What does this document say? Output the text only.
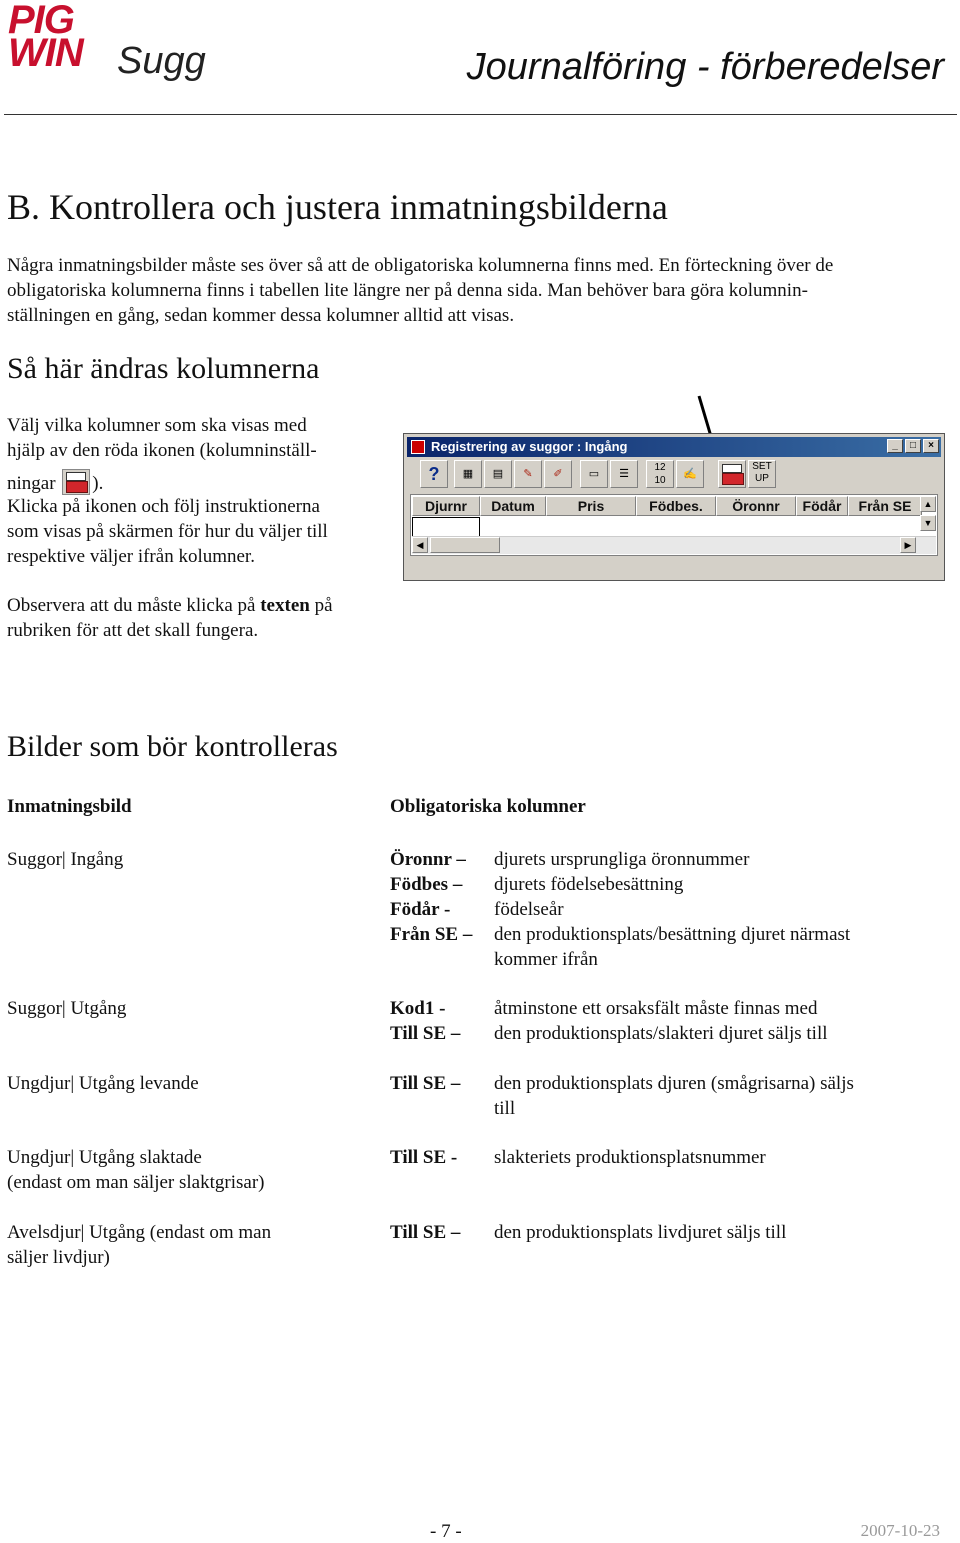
PIG
WIN Sugg	Journalföring - förberedelser
B. Kontrollera och justera inmatningsbilderna
Några inmatningsbilder måste ses över så att de obligatoriska kolumnerna finns med. En förteckning över de
obligatoriska kolumnerna finns i tabellen lite längre ner på denna sida. Man behöver bara göra kolumnin-
ställningen en gång, sedan kommer dessa kolumner alltid att visas.
Så här ändras kolumnerna
Välj vilka kolumner som ska visas med
hjälp av den röda ikonen (kolumninställ-
ningar ).
Klicka på ikonen och följ instruktionerna
som visas på skärmen för hur du väljer till
respektive väljer ifrån kolumner.
Observera att du måste klicka på texten på
rubriken för att det skall fungera.
Registrering av suggor : Ingång	_	□	×
?	▦	▤	✎	✐	▭	☰
12
10
✍
SET
UP
Djurnr	Datum	Pris	Födbes.	Öronnr	Födår	Från SE	▲
▼
◀	▶
Bilder som bör kontrolleras
Inmatningsbild	Obligatoriska kolumner
Suggor| Ingång	Öronnr – djurets ursprungliga öronnummer
Födbes – djurets födelsebesättning
Födår - födelseår
Från SE – den produktionsplats/besättning djuret närmast
kommer ifrån
Suggor| Utgång	Kod1 -	åtminstone ett orsaksfält måste finnas med
Till SE – den produktionsplats/slakteri djuret säljs till
Ungdjur| Utgång levande	Till SE – den produktionsplats djuren (smågrisarna) säljs
till
Ungdjur| Utgång slaktade
(endast om man säljer slaktgrisar)
Till SE - slakteriets produktionsplatsnummer
Avelsdjur| Utgång (endast om man
säljer livdjur)
Till SE – den produktionsplats livdjuret säljs till
- 7 -	2007-10-23
